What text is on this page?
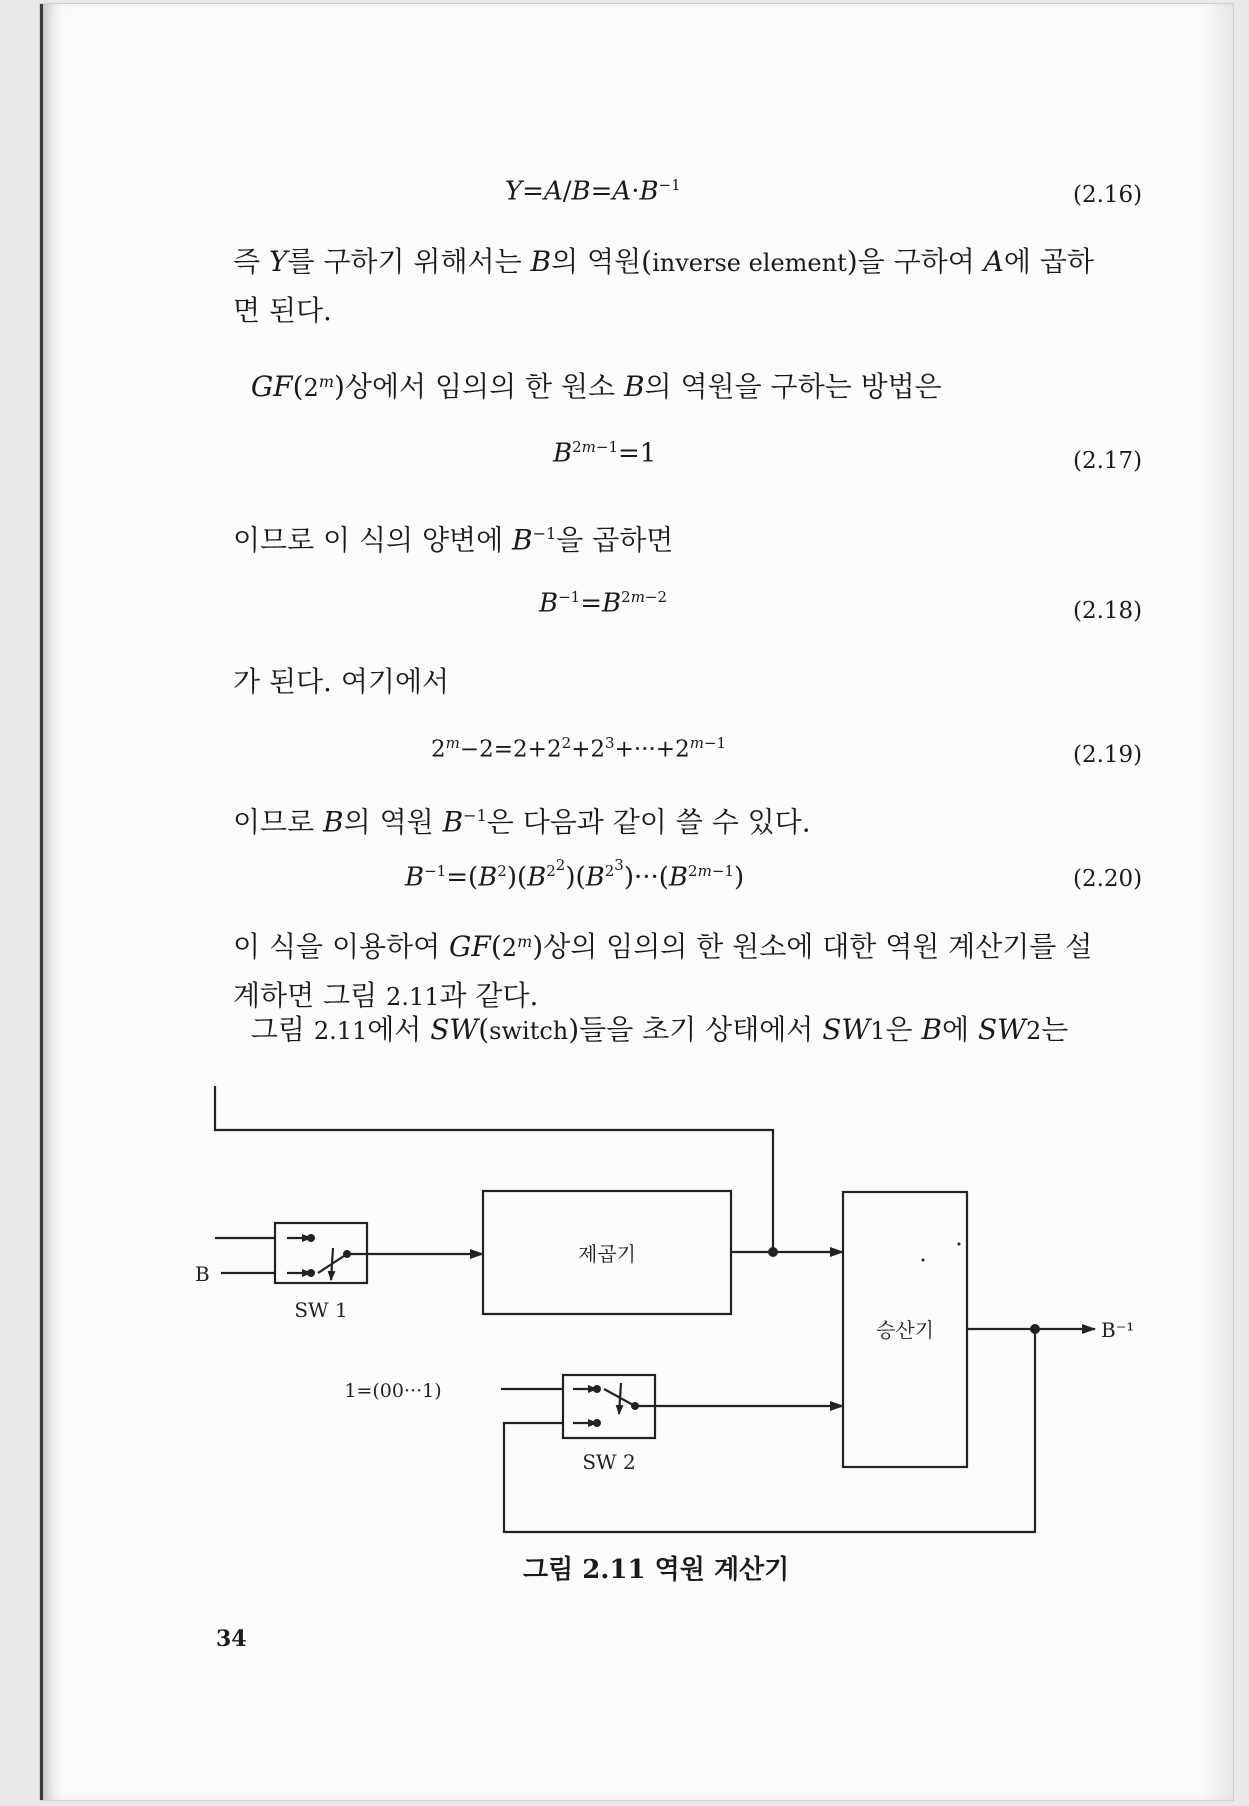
$Y=A/B=A\cdot B^{-1}$	(2.16)
즉 Y를 구하기 위해서는 B의 역원(inverse element)을 구하여 A에 곱하
면 된다.
GF(2$^m$)상에서 임의의 한 원소 B의 역원을 구하는 방법은
$B^{2m-1}=1$	(2.17)
이므로 이 식의 양변에 $B^{-1}$을 곱하면
$B^{-1}=B^{2m-2}$
(2.18)
가 된다. 여기에서
$2^m-2=2+2^2+2^3+\cdot\cdot\cdot+2^{m-1}$	(2.19)
이므로 B의 역원 $B^{-1}$은 다음과 같이 쓸 수 있다.
$B^{-1}=(B^2)(B^{2^2})(B^{2^3})\cdot\cdot\cdot(B^{2m-1})$	(2.20)
이 식을 이용하여 GF(2$^m$)상의 임의의 한 원소에 대한 역원 계산기를 설
계하면 그림 2.11과 같다.
그림 2.11에서 SW(switch)들을 초기 상태에서 SW1은 B에 SW2는
B
SW 1
제곱기
1=(00···1)
SW 2
승산기	B⁻¹
그림 2.11 역원 계산기
34
